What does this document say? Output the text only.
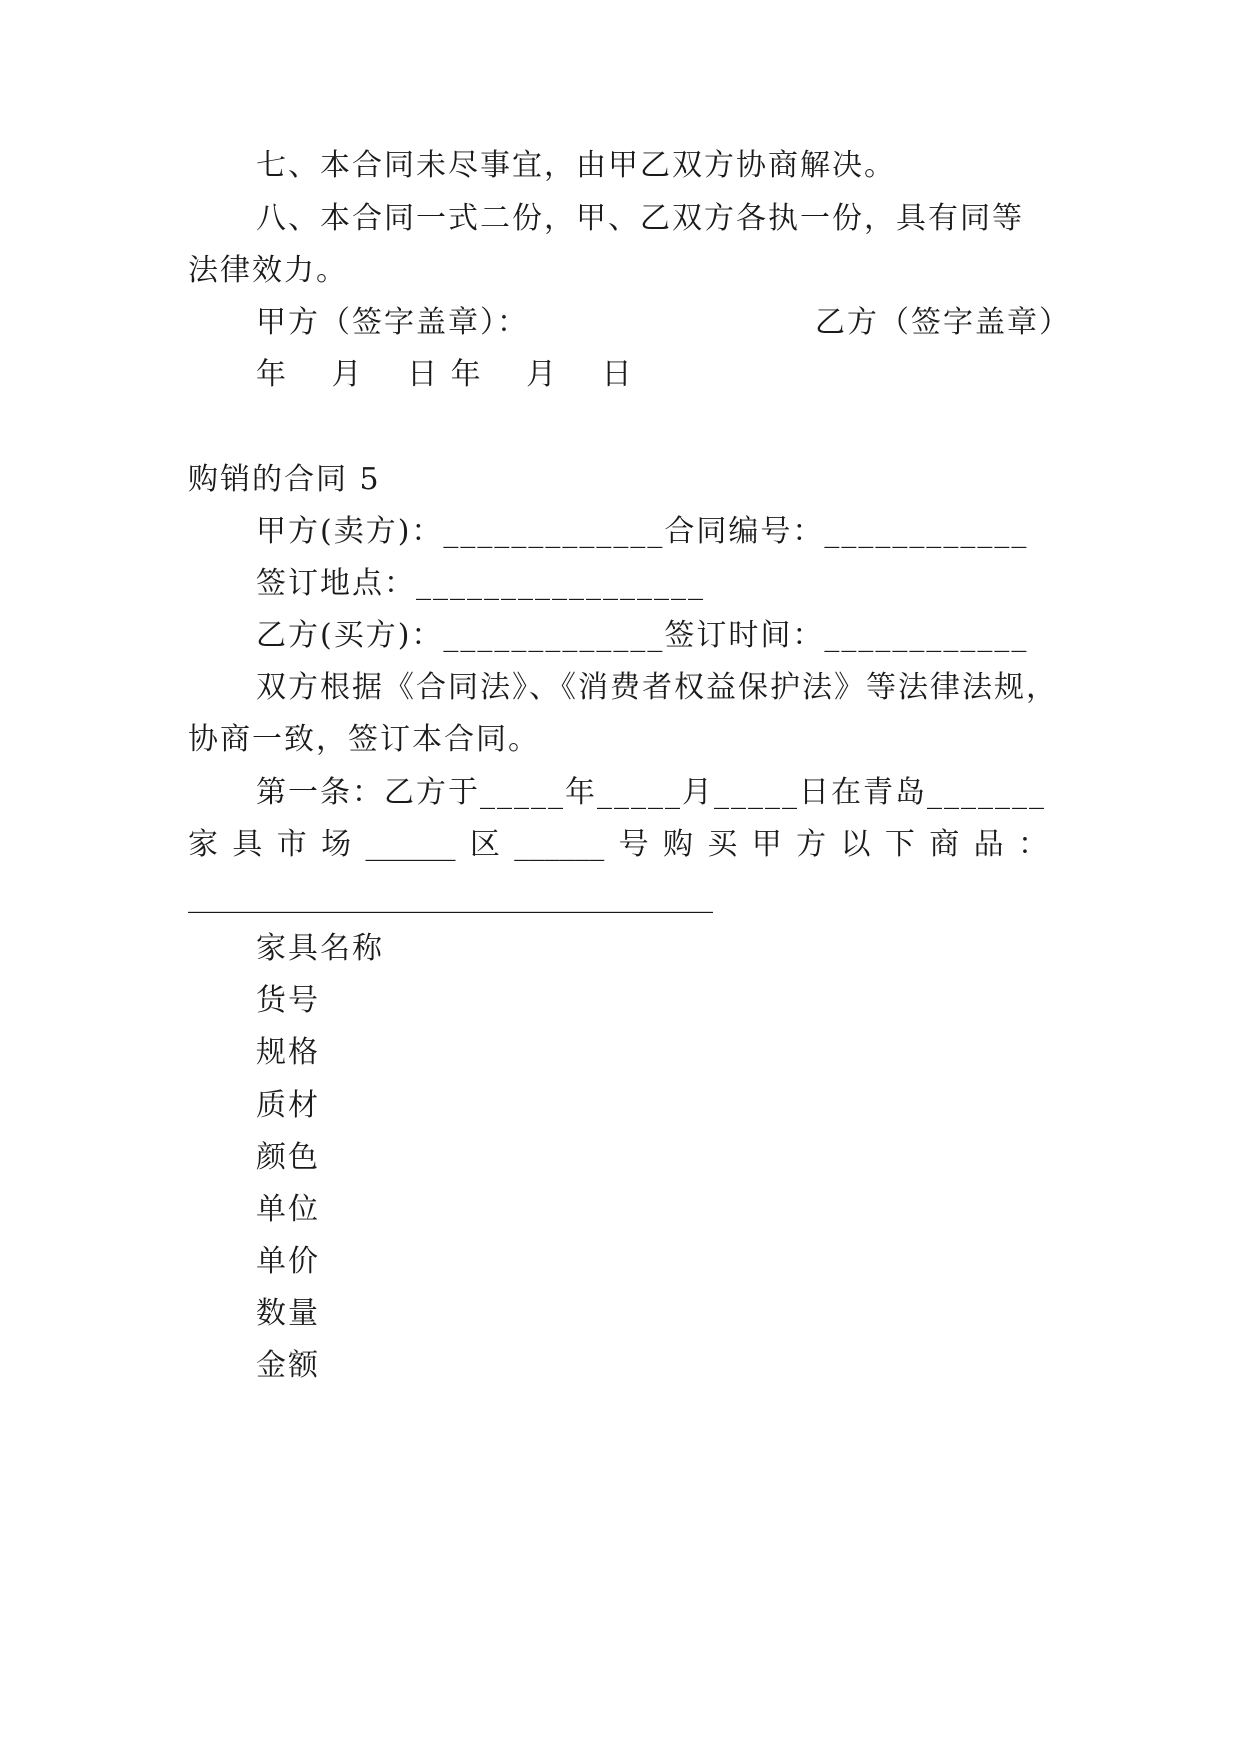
七、本合同未尽事宜，由甲乙双方协商解决。
八、本合同一式二份，甲、乙双方各执一份，具有同等
法律效力。
甲方（签字盖章）：	乙方（签字盖章）
年　 月　 日 年　 月　 日
购销的合同 5
甲方(卖方)：_____________合同编号：____________
签订地点：_________________
乙方(买方)：_____________签订时间：____________
双方根据《合同法》、《消费者权益保护法》等法律法规，
协商一致，签订本合同。
第一条：乙方于_____年_____月_____日在青岛_______
家 具 市 场 ______ 区 ______ 号 购 买 甲 方 以 下 商 品 ：
___________________________________
家具名称
货号
规格
质材
颜色
单位
单价
数量
金额
